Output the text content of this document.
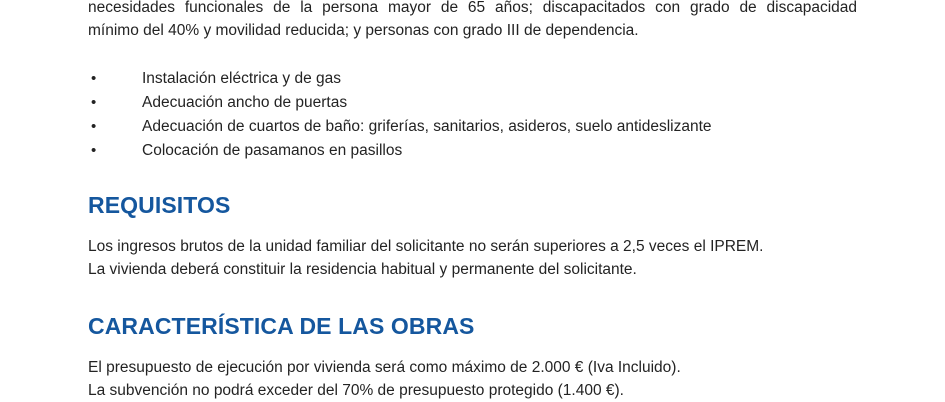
necesidades funcionales de la persona mayor de 65 años; discapacitados con grado de discapacidad
mínimo del 40% y movilidad reducida; y personas con grado III de dependencia.

• Instalación eléctrica y de gas
• Adecuación ancho de puertas
• Adecuación de cuartos de baño: griferías, sanitarios, asideros, suelo antideslizante
• Colocación de pasamanos en pasillos
REQUISITOS

Los ingresos brutos de la unidad familiar del solicitante no serán superiores a 2,5 veces el IPREM.
La vivienda deberá constituir la residencia habitual y permanente del solicitante.

CARACTERÍSTICA DE LAS OBRAS

El presupuesto de ejecución por vivienda será como máximo de 2.000 € (Iva Incluido).
La subvención no podrá exceder del 70% de presupuesto protegido (1.400 €).
